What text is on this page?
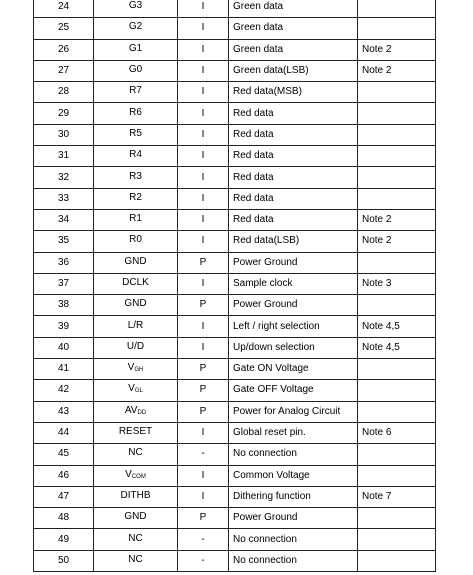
24	G3	I	Green data	
25	G2	I	Green data	
26	G1	I	Green data	Note 2
27	G0	I	Green data(LSB)	Note 2
28	R7	I	Red data(MSB)	
29	R6	I	Red data	
30	R5	I	Red data	
31	R4	I	Red data	
32	R3	I	Red data	
33	R2	I	Red data	
34	R1	I	Red data	Note 2
35	R0	I	Red data(LSB)	Note 2
36	GND	P	Power Ground	
37	DCLK	I	Sample clock	Note 3
38	GND	P	Power Ground	
39	L/R	I	Left / right selection	Note 4,5
40	U/D	I	Up/down selection	Note 4,5
41	VGH	P	Gate ON Voltage	
42	VGL	P	Gate OFF Voltage	
43	AVDD	P	Power for Analog Circuit	
44	RESET	I	Global reset pin.	Note 6
45	NC	-	No connection	
46	VCOM	I	Common Voltage	
47	DITHB	I	Dithering function	Note 7
48	GND	P	Power Ground	
49	NC	-	No connection	
50	NC	-	No connection	
